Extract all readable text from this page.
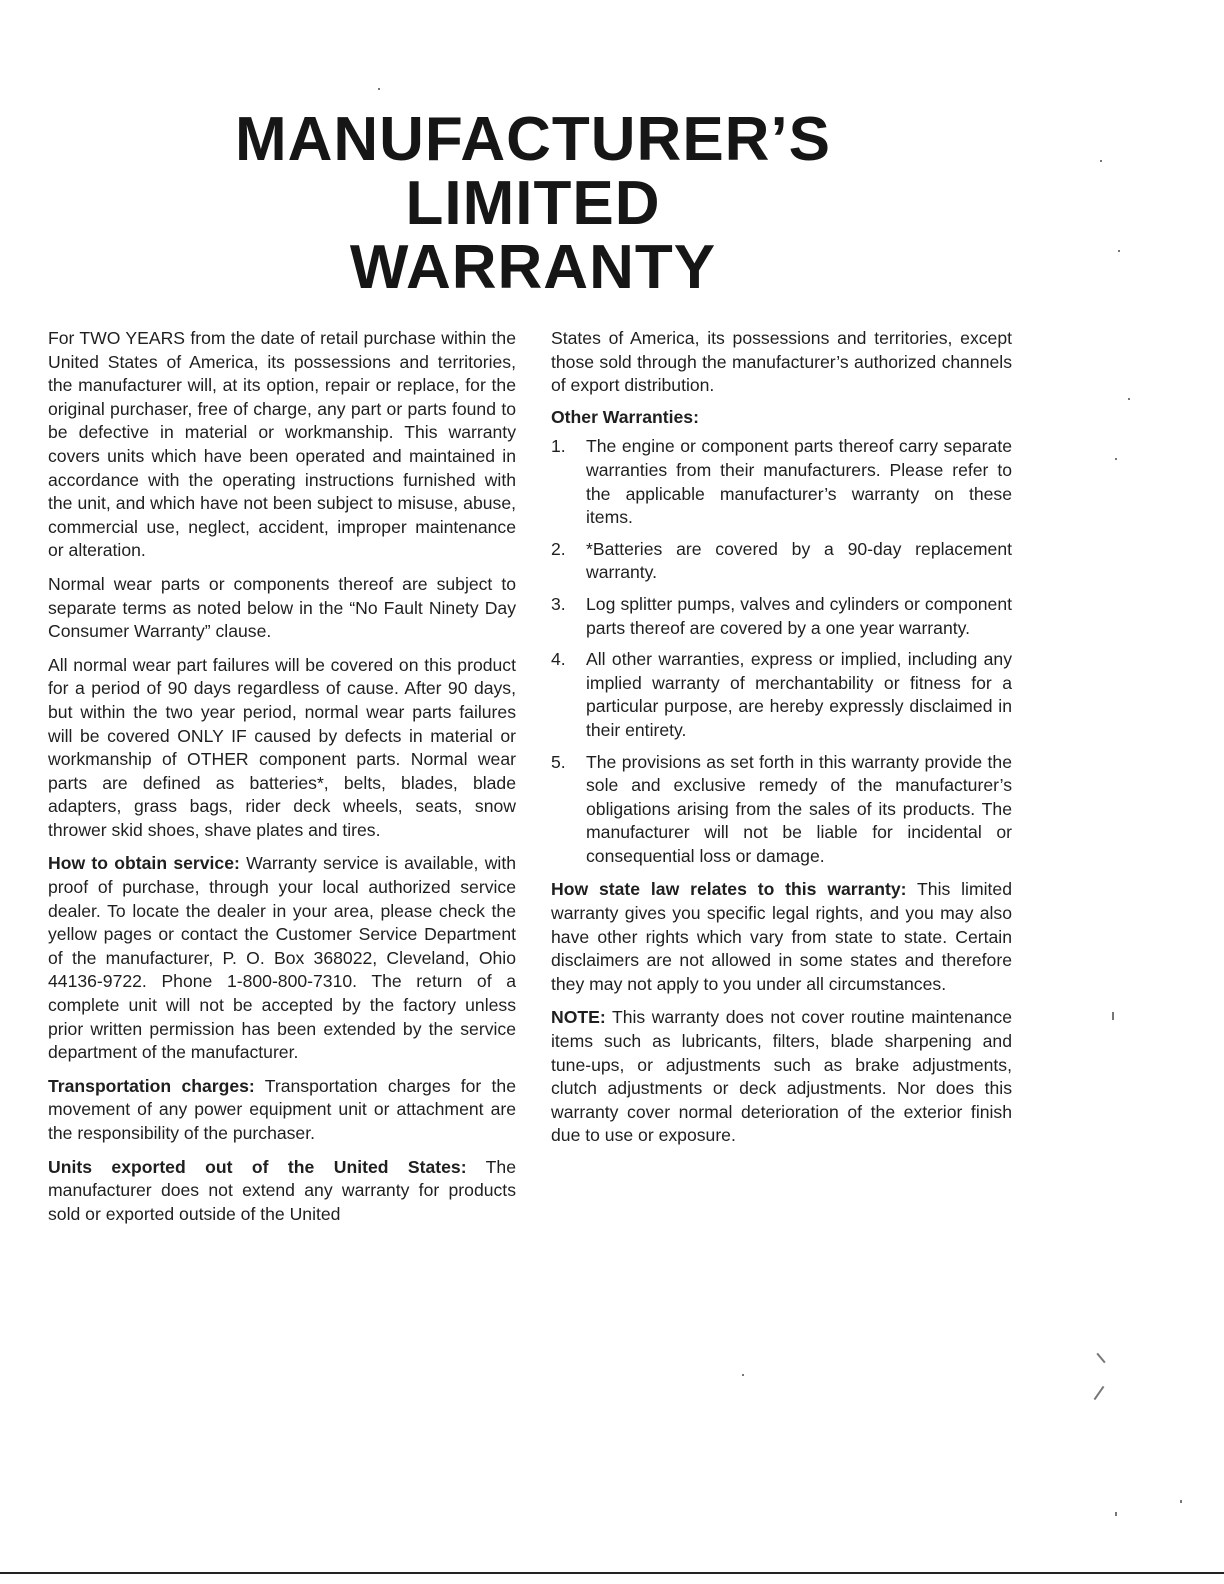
MANUFACTURER’S
LIMITED
WARRANTY

For TWO YEARS from the date of retail purchase within the United States of America, its possessions and territories, the manufacturer will, at its option, repair or replace, for the original purchaser, free of charge, any part or parts found to be defective in material or workmanship. This warranty covers units which have been operated and maintained in accordance with the operating instructions furnished with the unit, and which have not been subject to misuse, abuse, commercial use, neglect, accident, improper maintenance or alteration.

Normal wear parts or components thereof are subject to separate terms as noted below in the “No Fault Ninety Day Consumer Warranty” clause.

All normal wear part failures will be covered on this product for a period of 90 days regardless of cause. After 90 days, but within the two year period, normal wear parts failures will be covered ONLY IF caused by defects in material or workmanship of OTHER component parts. Normal wear parts are defined as batteries*, belts, blades, blade adapters, grass bags, rider deck wheels, seats, snow thrower skid shoes, shave plates and tires.

How to obtain service: Warranty service is available, with proof of purchase, through your local authorized service dealer. To locate the dealer in your area, please check the yellow pages or contact the Customer Service Department of the manufacturer, P. O. Box 368022, Cleveland, Ohio 44136-9722. Phone 1-800-800-7310. The return of a complete unit will not be accepted by the factory unless prior written permission has been extended by the service department of the manufacturer.

Transportation charges: Transportation charges for the movement of any power equipment unit or attachment are the responsibility of the purchaser.

Units exported out of the United States: The manufacturer does not extend any warranty for products sold or exported outside of the United

States of America, its possessions and territories, except those sold through the manufacturer’s authorized channels of export distribution.

Other Warranties:
1.	The engine or component parts thereof carry separate warranties from their manufacturers. Please refer to the applicable manufacturer’s warranty on these items.
2.	*Batteries are covered by a 90-day replacement warranty.
3.	Log splitter pumps, valves and cylinders or component parts thereof are covered by a one year warranty.
4.	All other warranties, express or implied, including any implied warranty of merchantability or fitness for a particular purpose, are hereby expressly disclaimed in their entirety.
5.	The provisions as set forth in this warranty provide the sole and exclusive remedy of the manufacturer’s obligations arising from the sales of its products. The manufacturer will not be liable for incidental or consequential loss or damage.

How state law relates to this warranty: This limited warranty gives you specific legal rights, and you may also have other rights which vary from state to state. Certain disclaimers are not allowed in some states and therefore they may not apply to you under all circumstances.

NOTE: This warranty does not cover routine maintenance items such as lubricants, filters, blade sharpening and tune-ups, or adjustments such as brake adjustments, clutch adjustments or deck adjustments. Nor does this warranty cover normal deterioration of the exterior finish due to use or exposure.
